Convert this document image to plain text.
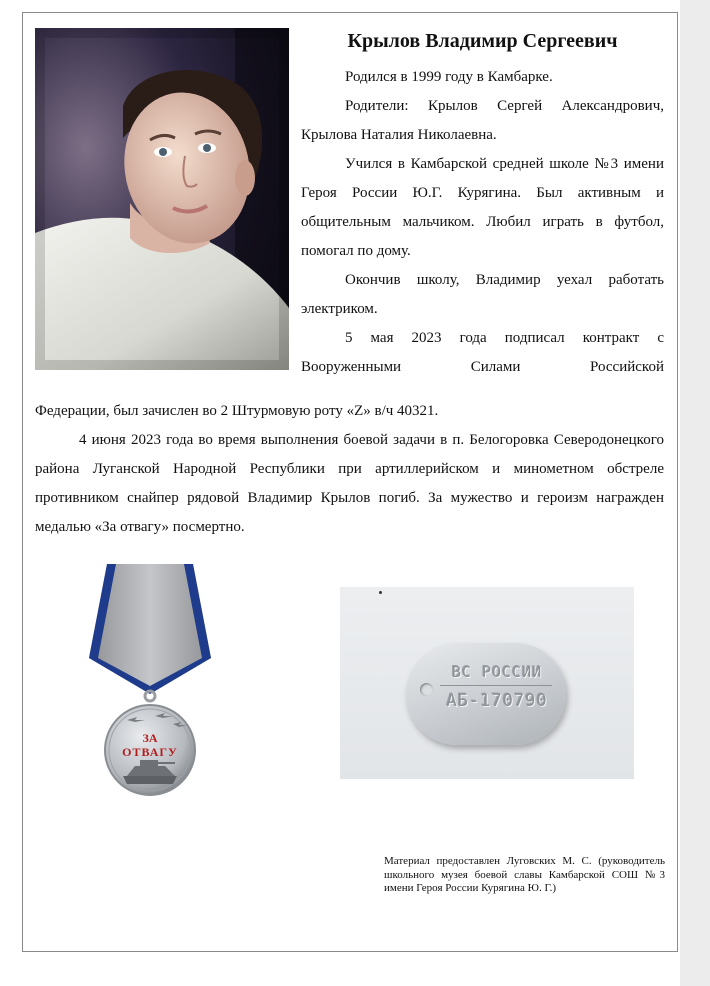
Крылов Владимир Сергеевич

Родился в 1999 году в Камбарке.

Родители: Крылов Сергей Александрович, Крылова Наталия Николаевна.

Учился в Камбарской средней школе №3 имени Героя России Ю.Г. Курягина. Был активным и общительным мальчиком. Любил играть в футбол, помогал по дому.

Окончив школу, Владимир уехал работать электриком.

5 мая 2023 года подписал контракт с Вооруженными Силами Российской

Федерации, был зачислен во 2 Штурмовую роту «Z» в/ч 40321.

4 июня 2023 года во время выполнения боевой задачи в п. Белогоровка Северодонецкого района Луганской Народной Республики при артиллерийском и минометном обстреле противником снайпер рядовой Владимир Крылов погиб. За мужество и героизм награжден медалью «За отвагу» посмертно.

ЗА
ОТВАГУ
ВС РОССИИ
АБ-170790
Материал предоставлен Луговских М. С. (руководитель школьного музея боевой славы Камбарской СОШ №3 имени Героя России Курягина Ю. Г.)
